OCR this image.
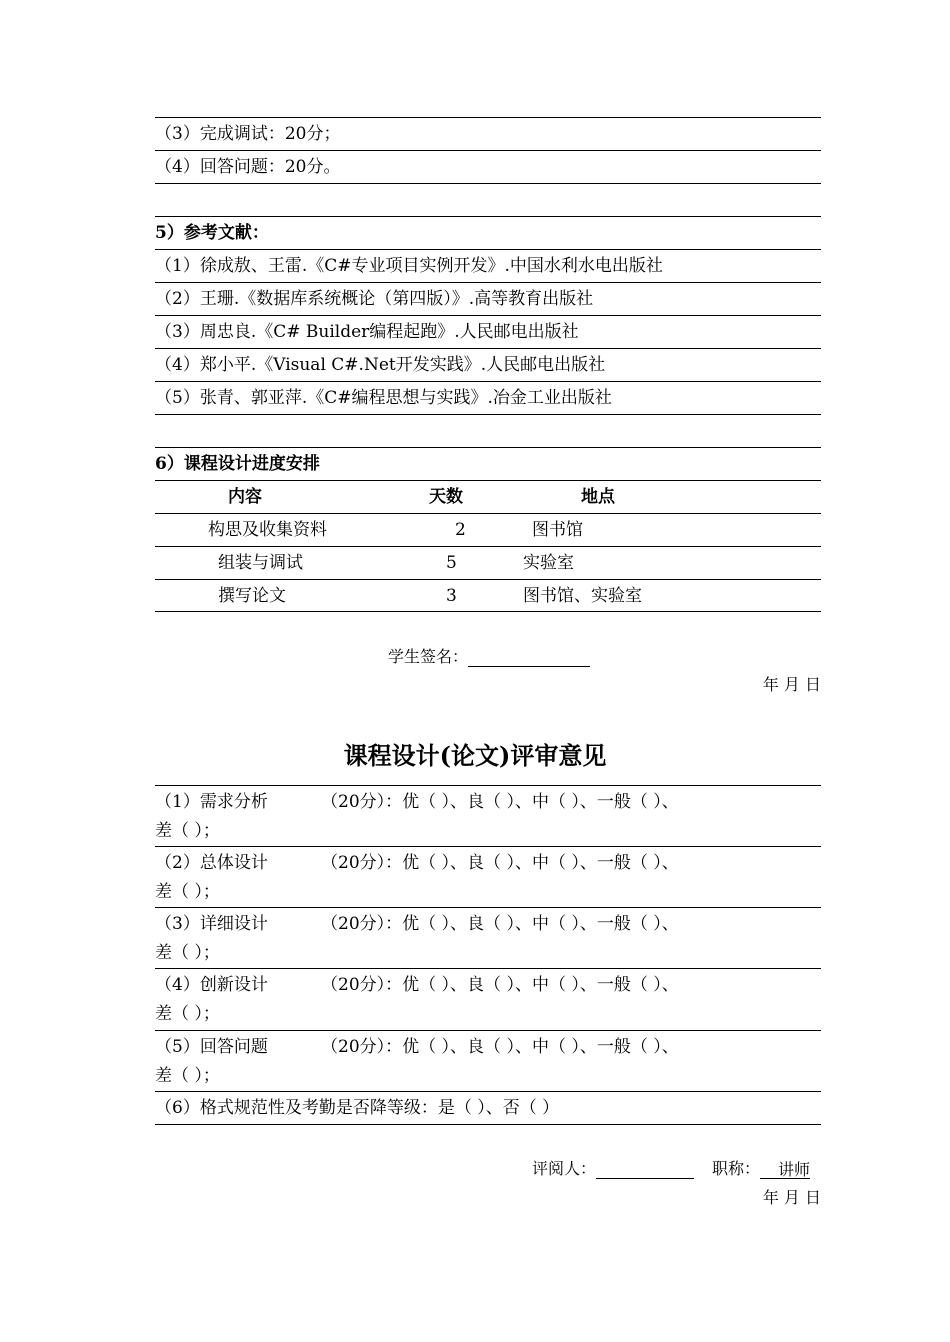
（3）完成调试：20分；
（4）回答问题：20分。
5）参考文献：
（1）徐成敖、王雷.《C#专业项目实例开发》.中国水利水电出版社
（2）王珊.《数据库系统概论（第四版）》.高等教育出版社
（3）周忠良.《C# Builder编程起跑》.人民邮电出版社
（4）郑小平.《Visual C#.Net开发实践》.人民邮电出版社
（5）张青、郭亚萍.《C#编程思想与实践》.冶金工业出版社
6）课程设计进度安排
内容	天数	地点
构思及收集资料	2	图书馆
组装与调试	5	实验室
撰写论文	3	图书馆、实验室
学生签名：
年 月 日
课程设计(论文)评审意见
（1）需求分析	（20分）：优（ ）、良（ ）、中（ ）、一般（ ）、
差（ ）；
（2）总体设计	（20分）：优（ ）、良（ ）、中（ ）、一般（ ）、
差（ ）；
（3）详细设计	（20分）：优（ ）、良（ ）、中（ ）、一般（ ）、
差（ ）；
（4）创新设计	（20分）：优（ ）、良（ ）、中（ ）、一般（ ）、
差（ ）；
（5）回答问题	（20分）：优（ ）、良（ ）、中（ ）、一般（ ）、
差（ ）；
（6）格式规范性及考勤是否降等级：是（ ）、否（ ）
评阅人：	职称： 讲师
年 月 日
